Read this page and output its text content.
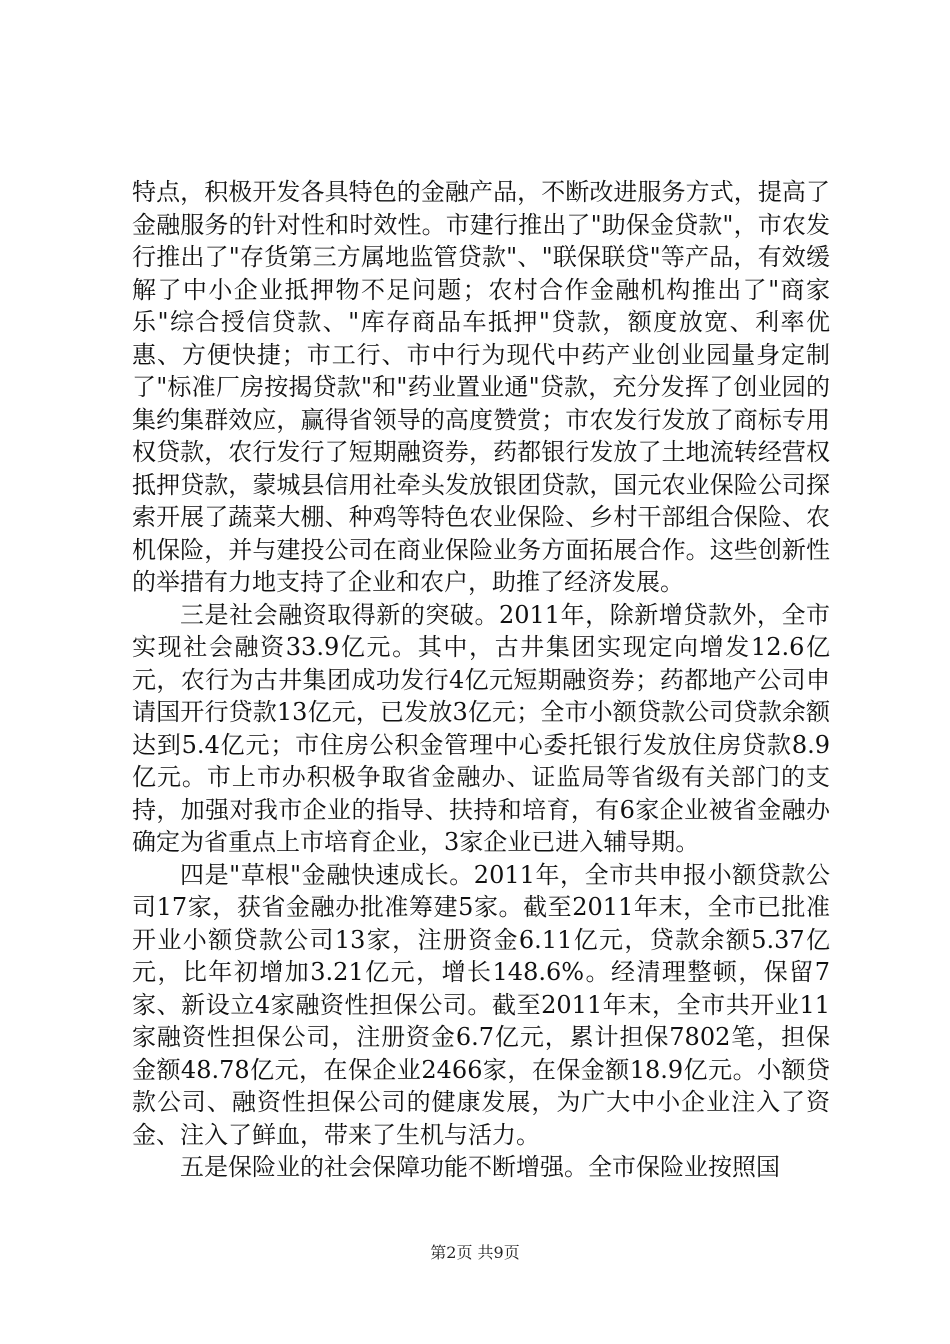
特点，积极开发各具特色的金融产品，不断改进服务方式，提高了金融服务的针对性和时效性。市建行推出了"助保金贷款"，市农发行推出了"存货第三方属地监管贷款"、"联保联贷"等产品，有效缓解了中小企业抵押物不足问题；农村合作金融机构推出了"商家乐"综合授信贷款、"库存商品车抵押"贷款，额度放宽、利率优惠、方便快捷；市工行、市中行为现代中药产业创业园量身定制了"标准厂房按揭贷款"和"药业置业通"贷款，充分发挥了创业园的集约集群效应，赢得省领导的高度赞赏；市农发行发放了商标专用权贷款，农行发行了短期融资券，药都银行发放了土地流转经营权抵押贷款，蒙城县信用社牵头发放银团贷款，国元农业保险公司探索开展了蔬菜大棚、种鸡等特色农业保险、乡村干部组合保险、农机保险，并与建投公司在商业保险业务方面拓展合作。这些创新性的举措有力地支持了企业和农户，助推了经济发展。

三是社会融资取得新的突破。2011年，除新增贷款外，全市实现社会融资33.9亿元。其中，古井集团实现定向增发12.6亿元，农行为古井集团成功发行4亿元短期融资券；药都地产公司申请国开行贷款13亿元，已发放3亿元；全市小额贷款公司贷款余额达到5.4亿元；市住房公积金管理中心委托银行发放住房贷款8.9亿元。市上市办积极争取省金融办、证监局等省级有关部门的支持，加强对我市企业的指导、扶持和培育，有6家企业被省金融办确定为省重点上市培育企业，3家企业已进入辅导期。

四是"草根"金融快速成长。2011年，全市共申报小额贷款公司17家，获省金融办批准筹建5家。截至2011年末，全市已批准开业小额贷款公司13家，注册资金6.11亿元，贷款余额5.37亿元，比年初增加3.21亿元，增长148.6%。经清理整顿，保留7家、新设立4家融资性担保公司。截至2011年末，全市共开业11家融资性担保公司，注册资金6.7亿元，累计担保7802笔，担保金额48.78亿元，在保企业2466家，在保金额18.9亿元。小额贷款公司、融资性担保公司的健康发展，为广大中小企业注入了资金、注入了鲜血，带来了生机与活力。

五是保险业的社会保障功能不断增强。全市保险业按照国

第2页 共9页
